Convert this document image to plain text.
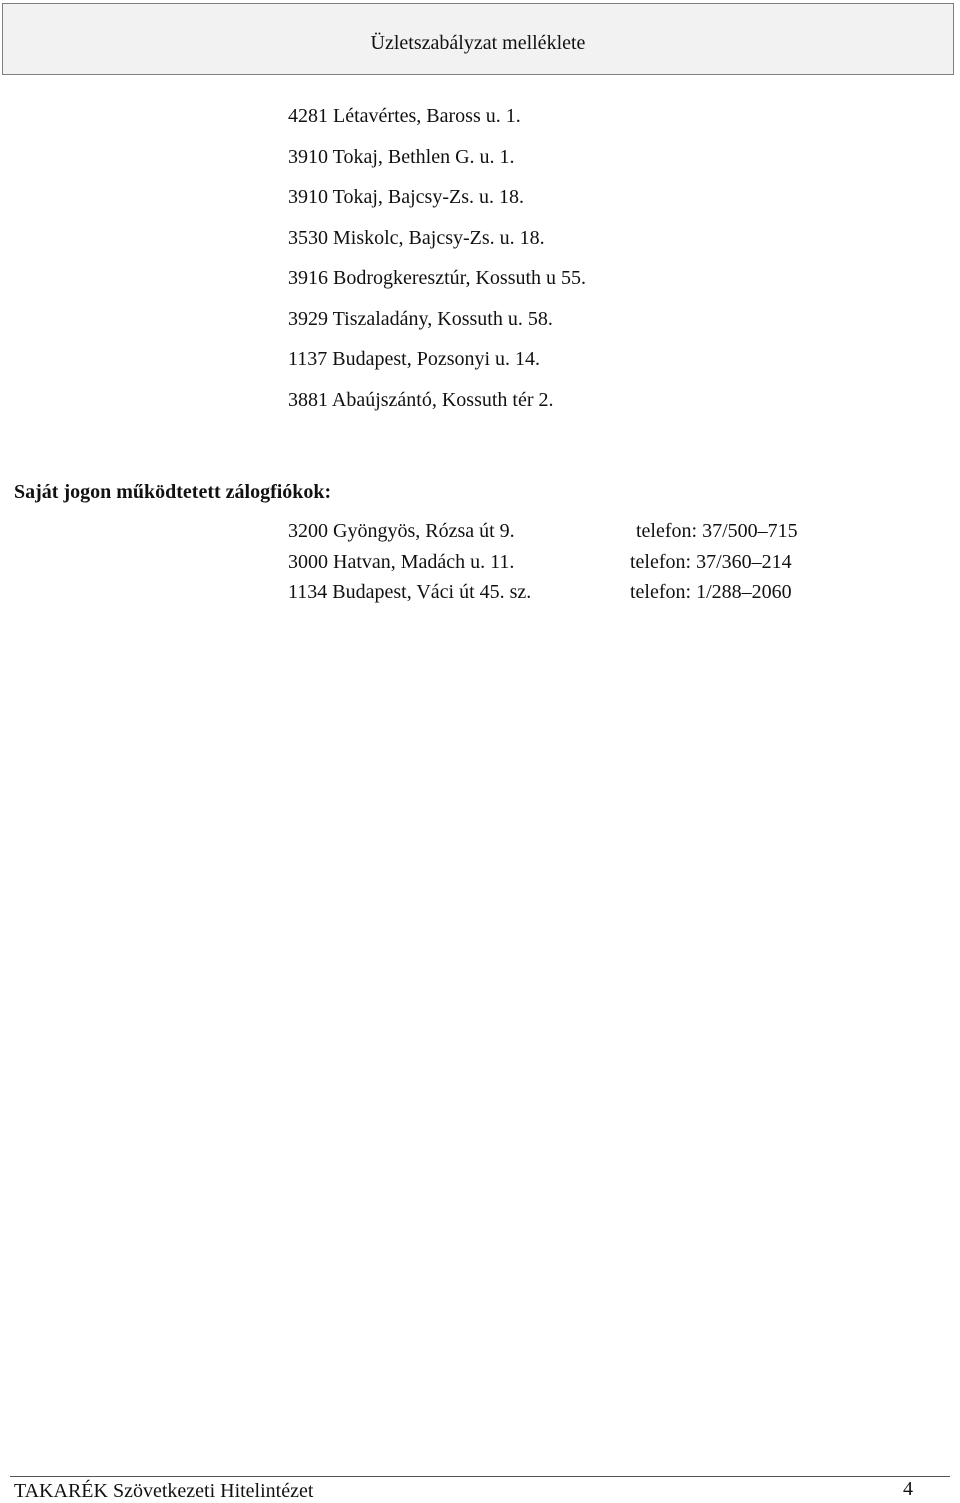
Üzletszabályzat melléklete
4281 Létavértes, Baross u. 1.
3910 Tokaj, Bethlen G. u. 1.
3910 Tokaj, Bajcsy-Zs. u. 18.
3530 Miskolc, Bajcsy-Zs. u. 18.
3916 Bodrogkeresztúr, Kossuth u 55.
3929 Tiszaladány, Kossuth u. 58.
1137 Budapest, Pozsonyi u. 14.
3881 Abaújszántó, Kossuth tér 2.
Saját jogon működtetett zálogfiókok:
3200 Gyöngyös, Rózsa út 9.	telefon: 37/500–715
3000 Hatvan, Madách u. 11.	telefon: 37/360–214
1134 Budapest, Váci út 45. sz.	telefon: 1/288–2060
TAKARÉK Szövetkezeti Hitelintézet	4
